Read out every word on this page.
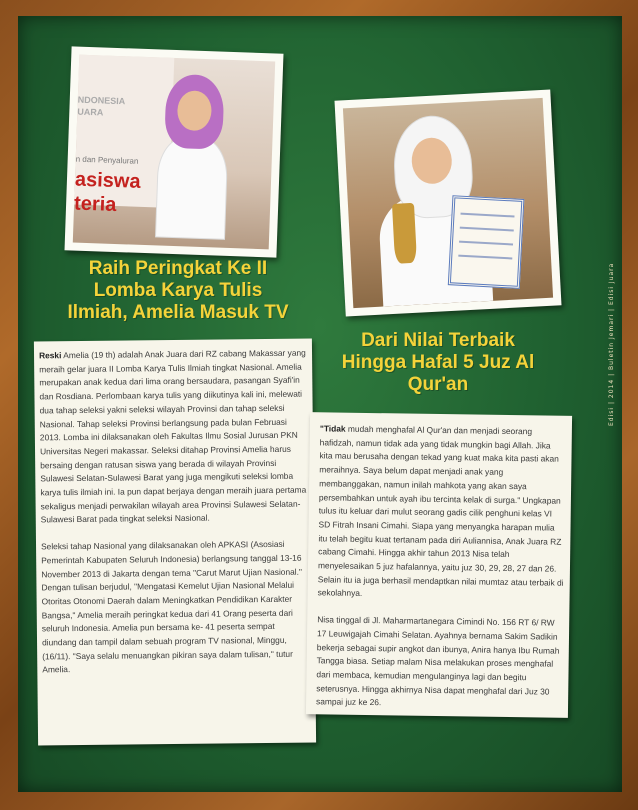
Edisi | 2014 | Buletin Jemari | Edisi Juara
NDONESIA
UARA
n dan Penyaluran
asiswa
teria
Raih Peringkat Ke II Lomba Karya Tulis Ilmiah, Amelia Masuk TV
Dari Nilai Terbaik Hingga Hafal 5 Juz Al Qur'an

Reski Amelia (19 th) adalah Anak Juara dari RZ cabang Makassar yang meraih gelar juara II Lomba Karya Tulis Ilmiah tingkat Nasional. Amelia merupakan anak kedua dari lima orang bersaudara, pasangan Syafi'in dan Rosdiana. Perlombaan karya tulis yang diikutinya kali ini, melewati dua tahap seleksi yakni seleksi wilayah Provinsi dan tahap seleksi Nasional. Tahap seleksi Provinsi berlangsung pada bulan Februasi 2013. Lomba ini dilaksanakan oleh Fakultas Ilmu Sosial Jurusan PKN Universitas Negeri makassar. Seleksi ditahap Provinsi Amelia harus bersaing dengan ratusan siswa yang berada di wilayah Provinsi Sulawesi Selatan-Sulawesi Barat yang juga mengikuti seleksi lomba karya tulis ilmiah ini. Ia pun dapat berjaya dengan meraih juara pertama sekaligus menjadi perwakilan wilayah area Provinsi Sulawesi Selatan-Sulawesi Barat pada tingkat seleksi Nasional.

Seleksi tahap Nasional yang dilaksanakan oleh APKASI (Asosiasi Pemerintah Kabupaten Seluruh Indonesia) berlangsung tanggal 13-16 November 2013 di Jakarta dengan tema "Carut Marut Ujian Nasional." Dengan tulisan berjudul, "Mengatasi Kemelut Ujian Nasional Melalui Otoritas Otonomi Daerah dalam Meningkatkan Pendidikan Karakter Bangsa," Amelia meraih peringkat kedua dari 41 Orang peserta dari seluruh Indonesia. Amelia pun bersama ke- 41 peserta sempat diundang dan tampil dalam sebuah program TV nasional, Minggu, (16/11). "Saya selalu menuangkan pikiran saya dalam tulisan," tutur Amelia.

"Tidak mudah menghafal Al Qur'an dan menjadi seorang hafidzah, namun tidak ada yang tidak mungkin bagi Allah. Jika kita mau berusaha dengan tekad yang kuat maka kita pasti akan meraihnya. Saya belum dapat menjadi anak yang membanggakan, namun inilah mahkota yang akan saya persembahkan untuk ayah ibu tercinta kelak di surga." Ungkapan tulus itu keluar dari mulut seorang gadis cilik penghuni kelas VI SD Fitrah Insani Cimahi. Siapa yang menyangka harapan mulia itu telah begitu kuat tertanam pada diri Auliannisa, Anak Juara RZ cabang Cimahi. Hingga akhir tahun 2013 Nisa telah menyelesaikan 5 juz hafalannya, yaitu juz 30, 29, 28, 27 dan 26. Selain itu ia juga berhasil mendaptkan nilai mumtaz atau terbaik di sekolahnya.

Nisa tinggal di Jl. Maharmartanegara Cimindi No. 156 RT 6/ RW 17 Leuwigajah Cimahi Selatan. Ayahnya bernama Sakim Sadikin bekerja sebagai supir angkot dan ibunya, Anira hanya Ibu Rumah Tangga biasa. Setiap malam Nisa melakukan proses menghafal dari membaca, kemudian mengulanginya lagi dan begitu seterusnya. Hingga akhirnya Nisa dapat menghafal dari Juz 30 sampai juz ke 26.
